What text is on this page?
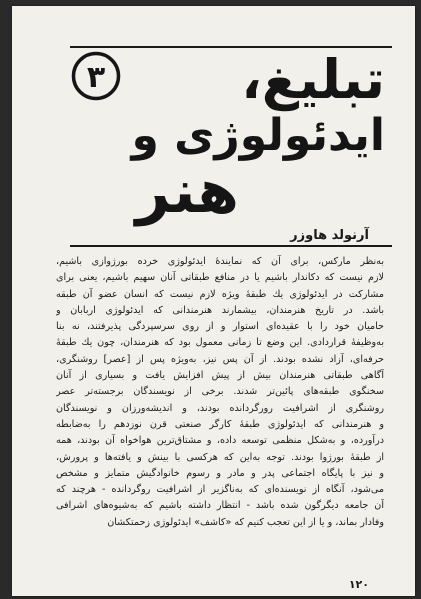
۳	تبلیغ،
ایدئولوژی و
هنر
آرنولد هاوزر
به‌نظر مارکس، برای آن که نمایندهٔ ایدئولوژی خرده بورژوازی باشیم،
لازم نیست که دکاندار باشیم یا در منافع طبقاتی آنان سهیم باشیم، یعنی برای
مشارکت در ایدئولوژی یك طبقهٔ ویژه لازم نیست که انسان عضو آن طبقه
باشد. در تاریخ هنرمندان، بیشمارند هنرمندانی که ایدئولوژی اربابان و
حامیان خود را با عقیده‌ای استوار و از روی سرسپردگی پذیرفتند، نه بنا
به‌وظیفهٔ قراردادی. این وضع تا زمانی معمول بود که هنرمندان، چون یك طبقهٔ
حرفه‌ای، آزاد نشده بودند. از آن پس نیز، به‌ویژه پس از [عصر] روشنگری،
آگاهی طبقاتی هنرمندان بیش از پیش افزایش یافت و بسیاری از آنان
سخنگوی طبقه‌های پائین‌تر شدند. برخی از نویسندگان برجسته‌تر عصر
روشنگری از اشرافیت رورگردانده بودند، و اندیشه‌ورزان و نویسندگان
و هنرمندانی که ایدئولوژی طبقهٔ کارگر صنعتی قرن نوزدهم را به‌ضابطه
درآورده، و به‌شکل منظمی توسعه داده، و مشتاق‌ترین هواخواه آن بودند، همه
از طبقهٔ بورژوا بودند. توجه به‌این که هرکسی با بینش و یافته‌ها و پرورش،
و نیز با پایگاه اجتماعی پدر و مادر و رسوم خانوادگیش متمایز و مشخص
می‌شود، آنگاه از نویسنده‌ای که به‌ناگزیر از اشرافیت روگردانده - هرچند که
آن جامعه دیگرگون شده باشد - انتظار داشته باشیم که به‌شیوه‌های اشرافی
وفادار بماند، و یا از این تعجب کنیم که «کاشف» ایدئولوژی زحمتکشان
۱۲۰
